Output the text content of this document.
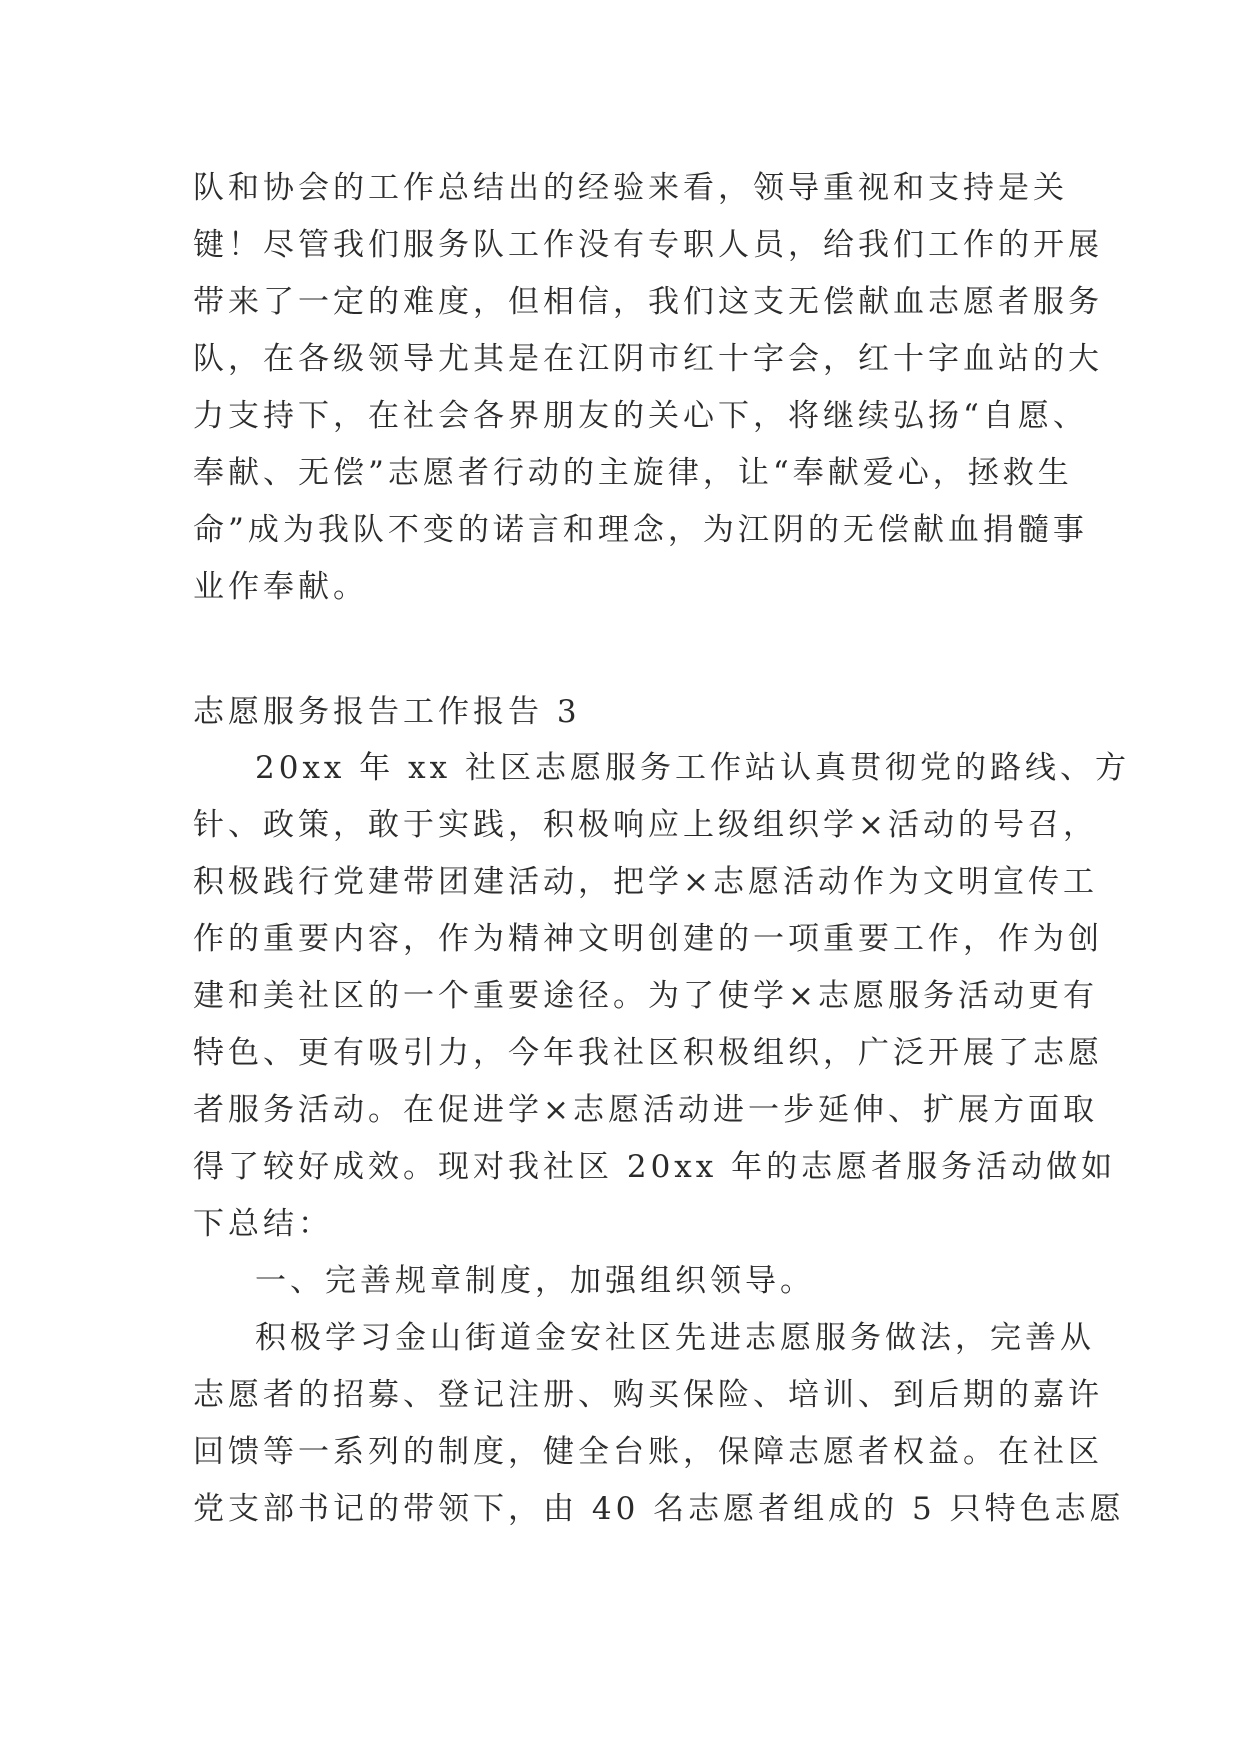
队和协会的工作总结出的经验来看，领导重视和支持是关
键！尽管我们服务队工作没有专职人员，给我们工作的开展
带来了一定的难度，但相信，我们这支无偿献血志愿者服务
队，在各级领导尤其是在江阴市红十字会，红十字血站的大
力支持下，在社会各界朋友的关心下，将继续弘扬“自愿、
奉献、无偿”志愿者行动的主旋律，让“奉献爱心，拯救生
命”成为我队不变的诺言和理念，为江阴的无偿献血捐髓事
业作奉献。
志愿服务报告工作报告 3
20xx 年 xx 社区志愿服务工作站认真贯彻党的路线、方
针、政策，敢于实践，积极响应上级组织学×活动的号召，
积极践行党建带团建活动，把学×志愿活动作为文明宣传工
作的重要内容，作为精神文明创建的一项重要工作，作为创
建和美社区的一个重要途径。为了使学×志愿服务活动更有
特色、更有吸引力，今年我社区积极组织，广泛开展了志愿
者服务活动。在促进学×志愿活动进一步延伸、扩展方面取
得了较好成效。现对我社区 20xx 年的志愿者服务活动做如
下总结：
一、完善规章制度，加强组织领导。
积极学习金山街道金安社区先进志愿服务做法，完善从
志愿者的招募、登记注册、购买保险、培训、到后期的嘉许
回馈等一系列的制度，健全台账，保障志愿者权益。在社区
党支部书记的带领下，由 40 名志愿者组成的 5 只特色志愿
